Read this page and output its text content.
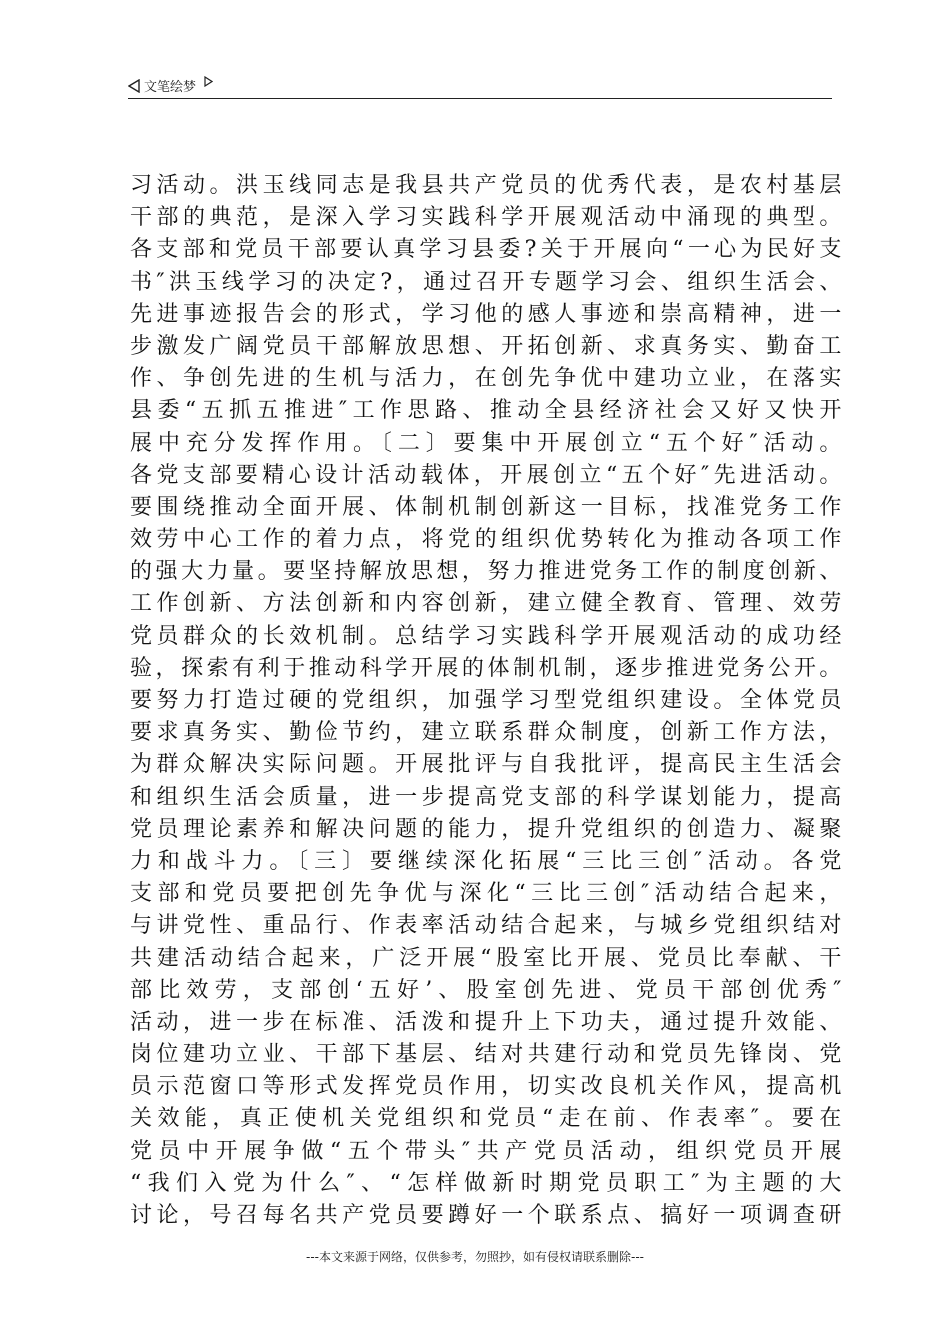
文笔绘梦
习活动。洪玉线同志是我县共产党员的优秀代表，是农村基层
干部的典范，是深入学习实践科学开展观活动中涌现的典型。
各支部和党员干部要认真学习县委?关于开展向“一心为民好支
书″洪玉线学习的决定?，通过召开专题学习会、组织生活会、
先进事迹报告会的形式，学习他的感人事迹和崇高精神，进一
步激发广阔党员干部解放思想、开拓创新、求真务实、勤奋工
作、争创先进的生机与活力，在创先争优中建功立业，在落实
县委“五抓五推进″工作思路、推动全县经济社会又好又快开
展中充分发挥作用。〔二〕要集中开展创立“五个好″活动。
各党支部要精心设计活动载体，开展创立“五个好″先进活动。
要围绕推动全面开展、体制机制创新这一目标，找准党务工作
效劳中心工作的着力点，将党的组织优势转化为推动各项工作
的强大力量。要坚持解放思想，努力推进党务工作的制度创新、
工作创新、方法创新和内容创新，建立健全教育、管理、效劳
党员群众的长效机制。总结学习实践科学开展观活动的成功经
验，探索有利于推动科学开展的体制机制，逐步推进党务公开。
要努力打造过硬的党组织，加强学习型党组织建设。全体党员
要求真务实、勤俭节约，建立联系群众制度，创新工作方法，
为群众解决实际问题。开展批评与自我批评，提高民主生活会
和组织生活会质量，进一步提高党支部的科学谋划能力，提高
党员理论素养和解决问题的能力，提升党组织的创造力、凝聚
力和战斗力。〔三〕要继续深化拓展“三比三创″活动。各党
支部和党员要把创先争优与深化“三比三创″活动结合起来，
与讲党性、重品行、作表率活动结合起来，与城乡党组织结对
共建活动结合起来，广泛开展“股室比开展、党员比奉献、干
部比效劳，支部创‘五好’、股室创先进、党员干部创优秀″
活动，进一步在标准、活泼和提升上下功夫，通过提升效能、
岗位建功立业、干部下基层、结对共建行动和党员先锋岗、党
员示范窗口等形式发挥党员作用，切实改良机关作风，提高机
关效能，真正使机关党组织和党员“走在前、作表率″。要在
党员中开展争做“五个带头″共产党员活动，组织党员开展
“我们入党为什么″、“怎样做新时期党员职工″为主题的大
讨论，号召每名共产党员要蹲好一个联系点、搞好一项调查研
---本文来源于网络，仅供参考，勿照抄，如有侵权请联系删除---
